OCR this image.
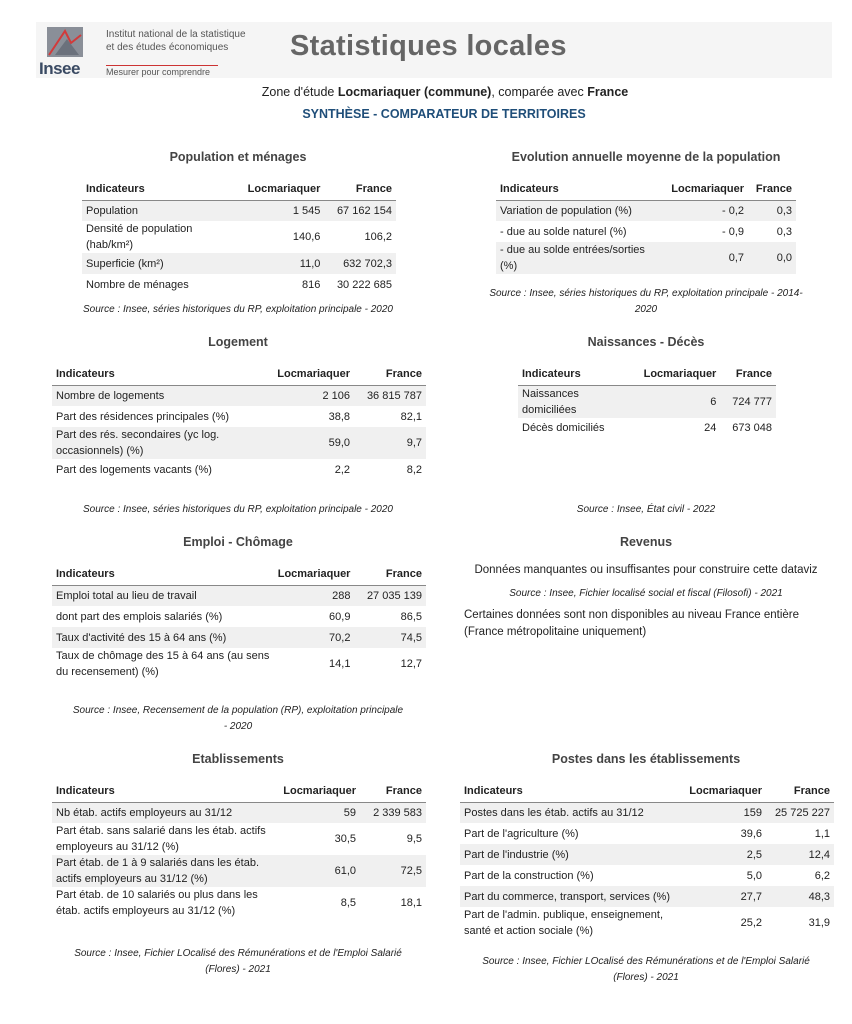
Insee
Institut national de la statistique
et des études économiques
Mesurer pour comprendre
Statistiques locales
Zone d'étude Locmariaquer (commune), comparée avec France
SYNTHÈSE - COMPARATEUR DE TERRITOIRES
Population et ménages
Indicateurs	Locmariaquer	France
Population	1 545	67 162 154
Densité de population (hab/km²)	140,6	106,2
Superficie (km²)	11,0	632 702,3
Nombre de ménages	816	30 222 685
Source : Insee, séries historiques du RP, exploitation principale - 2020
Evolution annuelle moyenne de la population
Indicateurs	Locmariaquer	France
Variation de population (%)	- 0,2	0,3
- due au solde naturel (%)	- 0,9	0,3
- due au solde entrées/sorties (%)	0,7	0,0
Source : Insee, séries historiques du RP, exploitation principale - 2014-
2020
Logement
Indicateurs	Locmariaquer	France
Nombre de logements	2 106	36 815 787
Part des résidences principales (%)	38,8	82,1
Part des rés. secondaires (yc log. occasionnels) (%)	59,0	9,7
Part des logements vacants (%)	2,2	8,2
Source : Insee, séries historiques du RP, exploitation principale - 2020
Naissances - Décès
Indicateurs	Locmariaquer	France
Naissances domiciliées	6	724 777
Décès domiciliés	24	673 048
Source : Insee, État civil - 2022
Emploi - Chômage
Indicateurs	Locmariaquer	France
Emploi total au lieu de travail	288	27 035 139
dont part des emplois salariés (%)	60,9	86,5
Taux d'activité des 15 à 64 ans (%)	70,2	74,5
Taux de chômage des 15 à 64 ans (au sens du recensement) (%)	14,1	12,7
Source : Insee, Recensement de la population (RP), exploitation principale
- 2020
Revenus
Données manquantes ou insuffisantes pour construire cette dataviz
Source : Insee, Fichier localisé social et fiscal (Filosofi) - 2021
Certaines données sont non disponibles au niveau France entière (France métropolitaine uniquement)
Etablissements
Indicateurs	Locmariaquer	France
Nb étab. actifs employeurs au 31/12	59	2 339 583
Part étab. sans salarié dans les étab. actifs employeurs au 31/12 (%)	30,5	9,5
Part étab. de 1 à 9 salariés dans les étab. actifs employeurs au 31/12 (%)	61,0	72,5
Part étab. de 10 salariés ou plus dans les étab. actifs employeurs au 31/12 (%)	8,5	18,1
Source : Insee, Fichier LOcalisé des Rémunérations et de l'Emploi Salarié
(Flores) - 2021
Postes dans les établissements
Indicateurs	Locmariaquer	France
Postes dans les étab. actifs au 31/12	159	25 725 227
Part de l'agriculture (%)	39,6	1,1
Part de l'industrie (%)	2,5	12,4
Part de la construction (%)	5,0	6,2
Part du commerce, transport, services (%)	27,7	48,3
Part de l'admin. publique, enseignement, santé et action sociale (%)	25,2	31,9
Source : Insee, Fichier LOcalisé des Rémunérations et de l'Emploi Salarié
(Flores) - 2021
